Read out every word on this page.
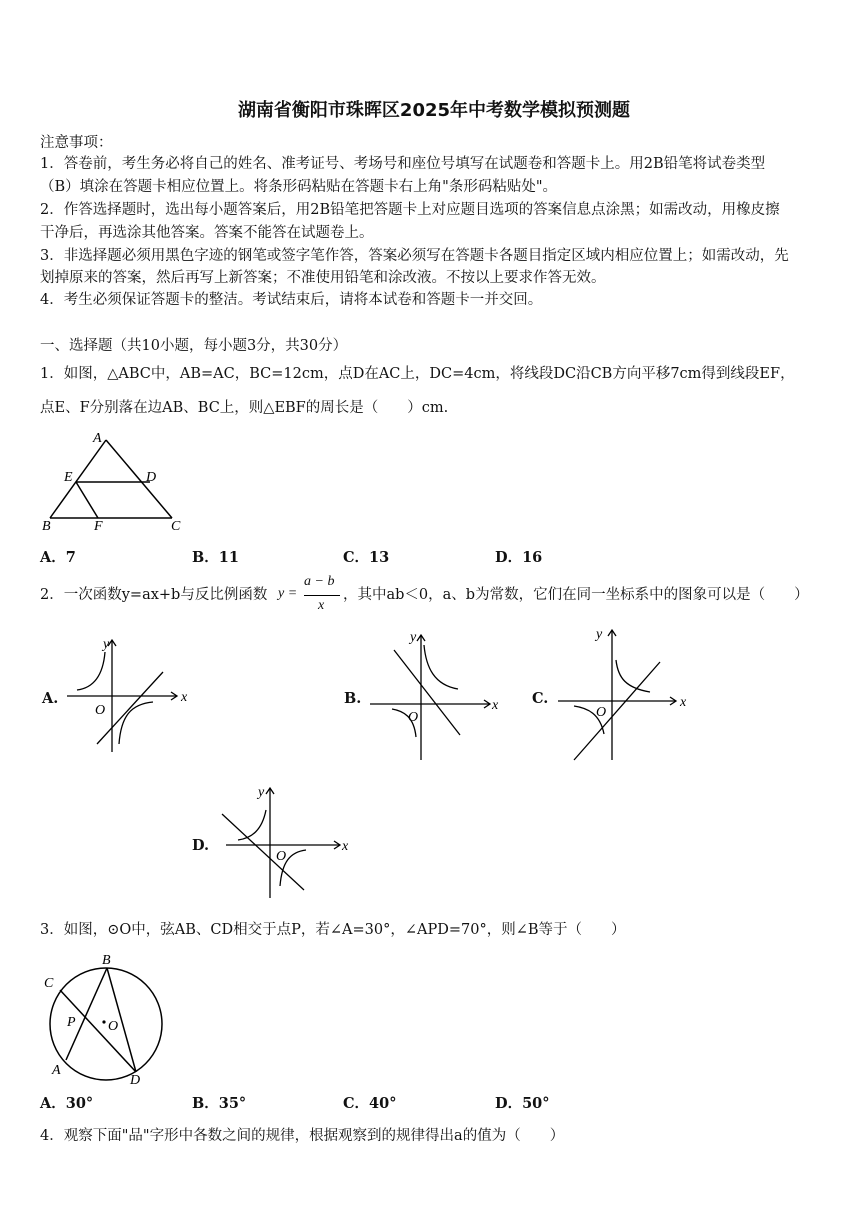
湖南省衡阳市珠晖区2025年中考数学模拟预测题
注意事项：
1．答卷前，考生务必将自己的姓名、准考证号、考场号和座位号填写在试题卷和答题卡上。用2B铅笔将试卷类型
（B）填涂在答题卡相应位置上。将条形码粘贴在答题卡右上角"条形码粘贴处"。
2．作答选择题时，选出每小题答案后，用2B铅笔把答题卡上对应题目选项的答案信息点涂黑；如需改动，用橡皮擦
干净后，再选涂其他答案。答案不能答在试题卷上。
3．非选择题必须用黑色字迹的钢笔或签字笔作答，答案必须写在答题卡各题目指定区域内相应位置上；如需改动，先
划掉原来的答案，然后再写上新答案；不准使用铅笔和涂改液。不按以上要求作答无效。
4．考生必须保证答题卡的整洁。考试结束后，请将本试卷和答题卡一并交回。
一、选择题（共10小题，每小题3分，共30分）
1．如图，△ABC中，AB=AC，BC=12cm，点D在AC上，DC=4cm，将线段DC沿CB方向平移7cm得到线段EF，
点E、F分别落在边AB、BC上，则△EBF的周长是（　　）cm.
A
B	C
D
E
F
A．7	B．11	C．13	D．16
2．一次函数y=ax+b与反比例函数 y =
a − b
x
，其中ab＜0，a、b为常数，它们在同一坐标系中的图象可以是（　　）
A.
y
x
O
B.
y
x
O
C.
y
x
O
D.
y
x
O
3．如图，⊙O中，弦AB、CD相交于点P，若∠A=30°，∠APD=70°，则∠B等于（　　）
B
C
P O
A
D
A．30°	B．35°	C．40°	D．50°
4．观察下面"品"字形中各数之间的规律，根据观察到的规律得出a的值为（　　）
